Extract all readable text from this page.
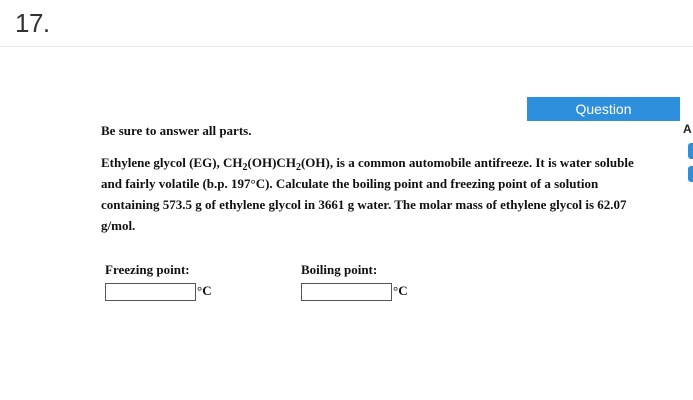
17.
Question
A
Be sure to answer all parts.
Ethylene glycol (EG), $CH_2(OH)CH_2(OH)$, is a common automobile antifreeze. It is water soluble and fairly volatile (b.p. 197°C). Calculate the boiling point and freezing point of a solution containing 573.5 g of ethylene glycol in 3661 g water. The molar mass of ethylene glycol is 62.07 g/mol.
Freezing point:
°C
Boiling point:
°C
